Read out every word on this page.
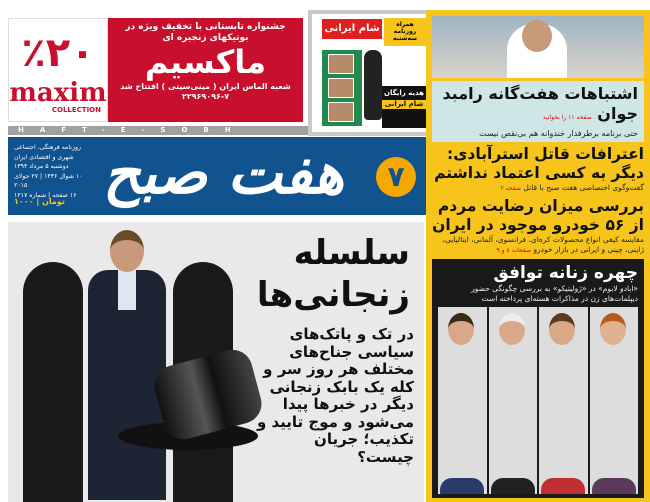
٪۲۰
maxim
COLLECTION
جشنواره تابستانی با تخفیف ویژه در بوتیکهای زنجیره ای
ماکسیم
شعبه الماس ایران ( مینی‌سیتی ) افتتاح شد
۲۲۹۶۹۰۹۶-۷
شام ایرانی	همراه روزنامه سه‌شنبه
هدیه رایگان
شام ایرانی
HAFT-E-SOBH
روزنامه فرهنگی، اجتماعی
شهری و اقتصادی ایران
دوشنبه ۵ مرداد ۱۳۹۴
۱۰ شوال ۱۴۳۶ | ۲۷ جولای ۲۰۱۵
۱۶ صفحه | شماره ۱۲۱۷
۱۰۰۰ | تومان هفت صبح	۷
سلسله زنجانی‌ها
در تک و پاتک‌های سیاسی جناح‌های مختلف هر روز سر و کله یک بابک زنجانی دیگر در خبرها پیدا می‌شود و موج تایید و تکذیب؛ جریان چیست؟
اشتباهات هفت‌گانه رامبد جوان صفحه ۱۱ را بخوانید
حتی برنامه برطرفدار خندوانه هم بی‌نقص نیست
اعترافات قاتل استرآبادی: دیگر به کسی اعتماد نداشتم
گفت‌وگوی اختصاصی هفت صبح با قاتل صفحه ۲
بررسی میزان رضایت مردم از ۵۶ خودرو موجود در ایران
مقایسه کیفی انواع محصولات کره‌ای، فرانسوی، آلمانی، ایتالیایی، ژاپنی، چینی و ایرانی در بازار خودرو صفحات ۸ و ۹
چهره زنانه توافق
«ابادو لابوم» در «ژولیتیکو» به بررسی چگونگی حضور دیپلمات‌های زن در مذاکرات هسته‌ای پرداخته است
